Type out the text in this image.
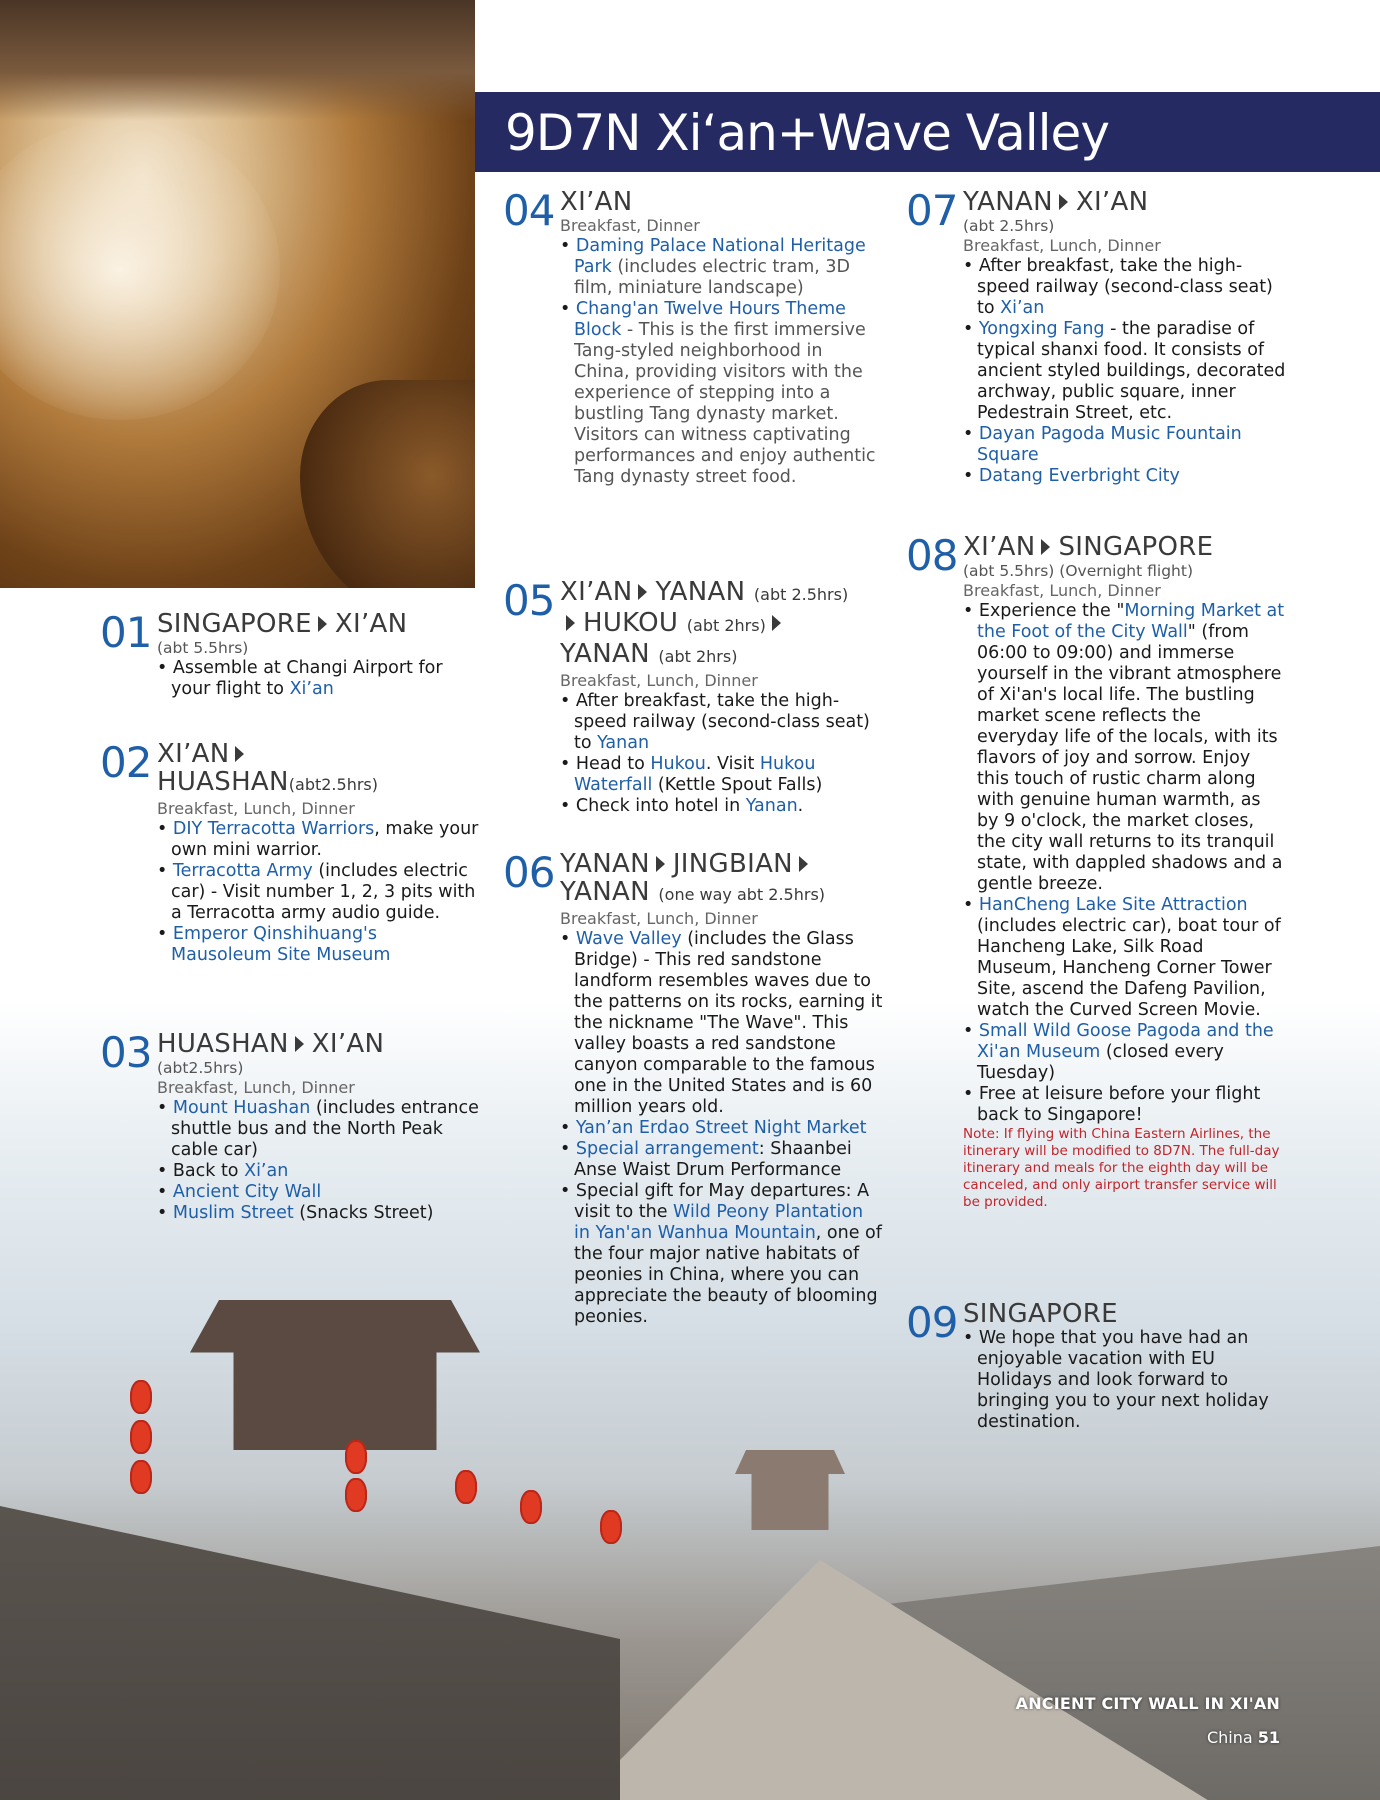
9D7N Xi‘an+Wave Valley
01 SINGAPORE XI’AN
(abt 5.5hrs)
• Assemble at Changi Airport for your flight to Xi’an
02 XI’AN
HUASHAN(abt2.5hrs)
Breakfast, Lunch, Dinner
• DIY Terracotta Warriors, make your own mini warrior.
• Terracotta Army (includes electric car) - Visit number 1, 2, 3 pits with a Terracotta army audio guide.
• Emperor Qinshihuang's Mausoleum Site Museum
03 HUASHAN XI’AN
(abt2.5hrs)
Breakfast, Lunch, Dinner
• Mount Huashan (includes entrance shuttle bus and the North Peak cable car)
• Back to Xi’an
• Ancient City Wall
• Muslim Street (Snacks Street)
04 XI’AN
Breakfast, Dinner
• Daming Palace National Heritage Park (includes electric tram, 3D film, miniature landscape)
• Chang'an Twelve Hours Theme Block - This is the first immersive Tang-styled neighborhood in China, providing visitors with the experience of stepping into a bustling Tang dynasty market. Visitors can witness captivating performances and enjoy authentic Tang dynasty street food.
05 XI’AN YANAN (abt 2.5hrs)
HUKOU (abt 2hrs)
YANAN (abt 2hrs)
Breakfast, Lunch, Dinner
• After breakfast, take the high-speed railway (second-class seat) to Yanan
• Head to Hukou. Visit Hukou Waterfall (Kettle Spout Falls)
• Check into hotel in Yanan.
06 YANAN JINGBIAN
YANAN (one way abt 2.5hrs)
Breakfast, Lunch, Dinner
• Wave Valley (includes the Glass Bridge) - This red sandstone landform resembles waves due to the patterns on its rocks, earning it the nickname "The Wave". This valley boasts a red sandstone canyon comparable to the famous one in the United States and is 60 million years old.
• Yan’an Erdao Street Night Market
• Special arrangement: Shaanbei Anse Waist Drum Performance
• Special gift for May departures: A visit to the Wild Peony Plantation in Yan'an Wanhua Mountain, one of the four major native habitats of peonies in China, where you can appreciate the beauty of blooming peonies.
07 YANAN XI’AN
(abt 2.5hrs)
Breakfast, Lunch, Dinner
• After breakfast, take the high-speed railway (second-class seat) to Xi’an
• Yongxing Fang - the paradise of typical shanxi food. It consists of ancient styled buildings, decorated archway, public square, inner Pedestrain Street, etc.
• Dayan Pagoda Music Fountain Square
• Datang Everbright City
08 XI’AN SINGAPORE
(abt 5.5hrs) (Overnight flight)
Breakfast, Lunch, Dinner
• Experience the "Morning Market at the Foot of the City Wall" (from 06:00 to 09:00) and immerse yourself in the vibrant atmosphere of Xi'an's local life. The bustling market scene reflects the everyday life of the locals, with its flavors of joy and sorrow. Enjoy this touch of rustic charm along with genuine human warmth, as by 9 o'clock, the market closes, the city wall returns to its tranquil state, with dappled shadows and a gentle breeze.
• HanCheng Lake Site Attraction (includes electric car), boat tour of Hancheng Lake, Silk Road Museum, Hancheng Corner Tower Site, ascend the Dafeng Pavilion, watch the Curved Screen Movie.
• Small Wild Goose Pagoda and the Xi'an Museum (closed every Tuesday)
• Free at leisure before your flight back to Singapore!
Note: If flying with China Eastern Airlines, the itinerary will be modified to 8D7N. The full-day itinerary and meals for the eighth day will be canceled, and only airport transfer service will be provided.
09 SINGAPORE
• We hope that you have had an enjoyable vacation with EU Holidays and look forward to bringing you to your next holiday destination.
ANCIENT CITY WALL IN XI'AN
China 51
